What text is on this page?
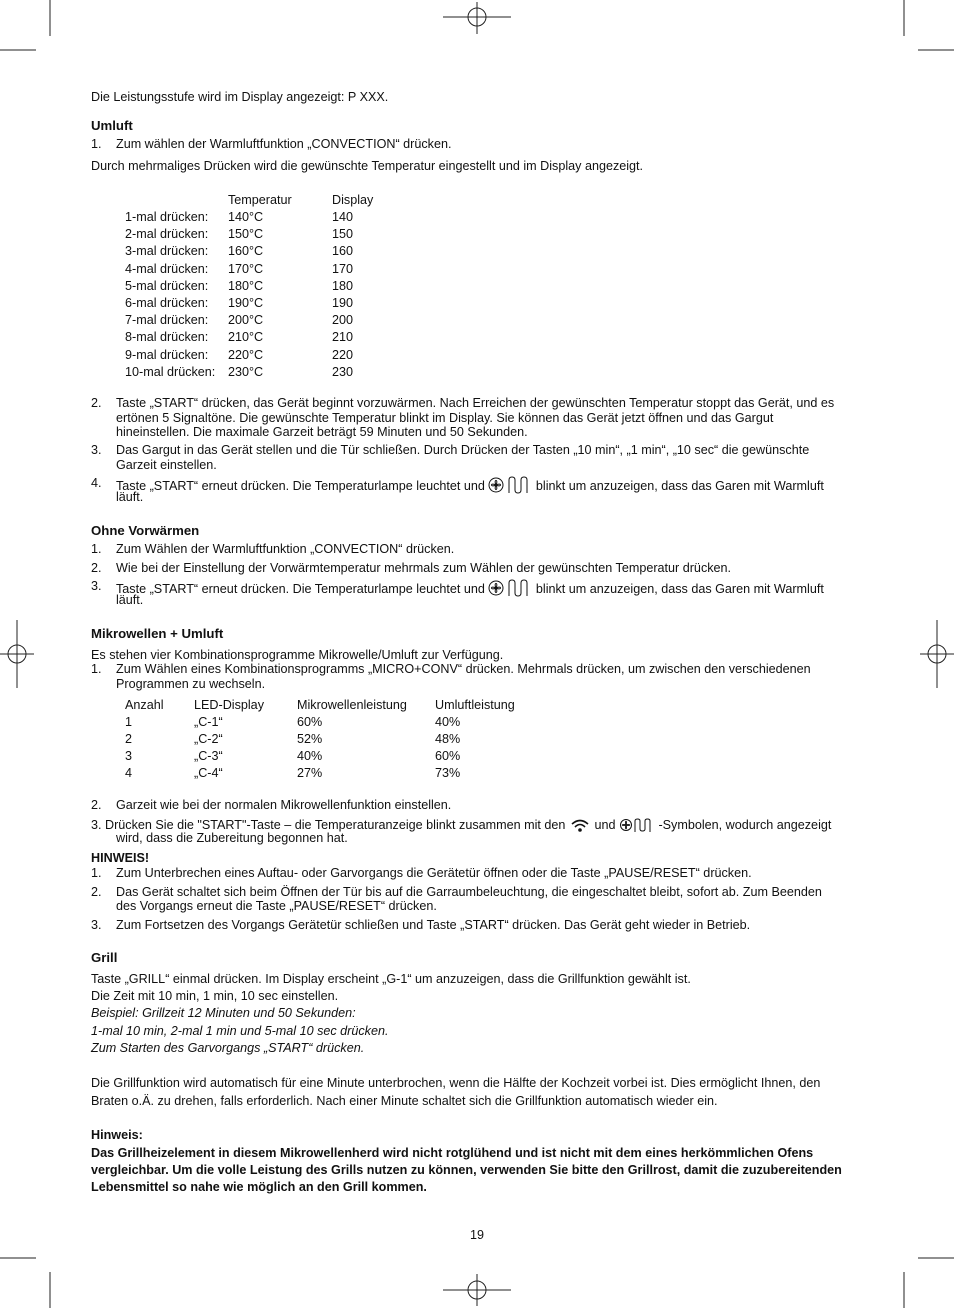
Die Leistungsstufe wird im Display angezeigt: P XXX.
Umluft
1. Zum wählen der Warmluftfunktion „CONVECTION“ drücken.
Durch mehrmaliges Drücken wird die gewünschte Temperatur eingestellt und im Display angezeigt.
Temperatur	Display
1-mal drücken: 140°C	140
2-mal drücken: 150°C	150
3-mal drücken: 160°C	160
4-mal drücken: 170°C	170
5-mal drücken: 180°C	180
6-mal drücken: 190°C	190
7-mal drücken: 200°C	200
8-mal drücken: 210°C	210
9-mal drücken: 220°C	220
10-mal drücken: 230°C	230
2. Taste „START“ drücken, das Gerät beginnt vorzuwärmen. Nach Erreichen der gewünschten Temperatur stoppt das Gerät, und es
ertönen 5 Signaltöne. Die gewünschte Temperatur blinkt im Display. Sie können das Gerät jetzt öffnen und das Gargut
hineinstellen. Die maximale Garzeit beträgt 59 Minuten und 50 Sekunden.
3. Das Gargut in das Gerät stellen und die Tür schließen. Durch Drücken der Tasten „10 min“, „1 min“, „10 sec“ die gewünschte
Garzeit einstellen.
4. Taste „START“ erneut drücken. Die Temperaturlampe leuchtet und	blinkt um anzuzeigen, dass das Garen mit Warmluft
läuft.
Ohne Vorwärmen
1. Zum Wählen der Warmluftfunktion „CONVECTION“ drücken.
2. Wie bei der Einstellung der Vorwärmtemperatur mehrmals zum Wählen der gewünschten Temperatur drücken.
3. Taste „START“ erneut drücken. Die Temperaturlampe leuchtet und	blinkt um anzuzeigen, dass das Garen mit Warmluft
läuft.
Mikrowellen + Umluft
Es stehen vier Kombinationsprogramme Mikrowelle/Umluft zur Verfügung.
1. Zum Wählen eines Kombinationsprogramms „MICRO+CONV“ drücken. Mehrmals drücken, um zwischen den verschiedenen
Programmen zu wechseln.
Anzahl LED-Display	Mikrowellenleistung Umluftleistung
1	„C-1“	60%	40%
2	„C-2“	52%	48%
3	„C-3“	40%	60%
4	„C-4“	27%	73%
2. Garzeit wie bei der normalen Mikrowellenfunktion einstellen.
3. Drücken Sie die "START"-Taste – die Temperaturanzeige blinkt zusammen mit den und	-Symbolen, wodurch angezeigt
wird, dass die Zubereitung begonnen hat.
HINWEIS!
1. Zum Unterbrechen eines Auftau- oder Garvorgangs die Gerätetür öffnen oder die Taste „PAUSE/RESET“ drücken.
2. Das Gerät schaltet sich beim Öffnen der Tür bis auf die Garraumbeleuchtung, die eingeschaltet bleibt, sofort ab. Zum Beenden
des Vorgangs erneut die Taste „PAUSE/RESET“ drücken.
3. Zum Fortsetzen des Vorgangs Gerätetür schließen und Taste „START“ drücken. Das Gerät geht wieder in Betrieb.
Grill
Taste „GRILL“ einmal drücken. Im Display erscheint „G-1“ um anzuzeigen, dass die Grillfunktion gewählt ist.
Die Zeit mit 10 min, 1 min, 10 sec einstellen.
Beispiel: Grillzeit 12 Minuten und 50 Sekunden:
1-mal 10 min, 2-mal 1 min und 5-mal 10 sec drücken.
Zum Starten des Garvorgangs „START“ drücken.
Die Grillfunktion wird automatisch für eine Minute unterbrochen, wenn die Hälfte der Kochzeit vorbei ist. Dies ermöglicht Ihnen, den
Braten o.Ä. zu drehen, falls erforderlich. Nach einer Minute schaltet sich die Grillfunktion automatisch wieder ein.
Hinweis:
Das Grillheizelement in diesem Mikrowellenherd wird nicht rotglühend und ist nicht mit dem eines herkömmlichen Ofens
vergleichbar. Um die volle Leistung des Grills nutzen zu können, verwenden Sie bitte den Grillrost, damit die zuzubereitenden
Lebensmittel so nahe wie möglich an den Grill kommen.
19
